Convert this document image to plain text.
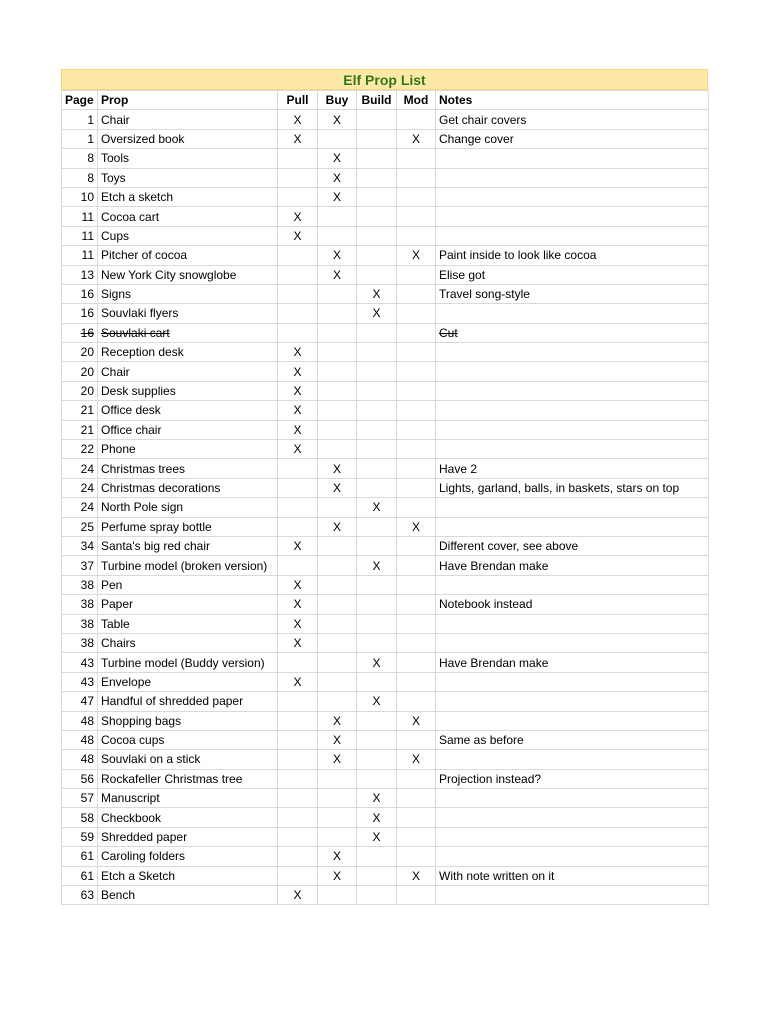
Elf Prop List
Page	Prop	Pull	Buy	Build	Mod	Notes
1	Chair	X	X			Get chair covers
1	Oversized book	X			X	Change cover
8	Tools		X			
8	Toys		X			
10	Etch a sketch		X			
11	Cocoa cart	X				
11	Cups	X				
11	Pitcher of cocoa		X		X	Paint inside to look like cocoa
13	New York City snowglobe		X			Elise got
16	Signs			X		Travel song-style
16	Souvlaki flyers			X		
16	Souvlaki cart					Cut
20	Reception desk	X				
20	Chair	X				
20	Desk supplies	X				
21	Office desk	X				
21	Office chair	X				
22	Phone	X				
24	Christmas trees		X			Have 2
24	Christmas decorations		X			Lights, garland, balls, in baskets, stars on top
24	North Pole sign			X		
25	Perfume spray bottle		X		X	
34	Santa's big red chair	X				Different cover, see above
37	Turbine model (broken version)			X		Have Brendan make
38	Pen	X				
38	Paper	X				Notebook instead
38	Table	X				
38	Chairs	X				
43	Turbine model (Buddy version)			X		Have Brendan make
43	Envelope	X				
47	Handful of shredded paper			X		
48	Shopping bags		X		X	
48	Cocoa cups		X			Same as before
48	Souvlaki on a stick		X		X	
56	Rockafeller Christmas tree					Projection instead?
57	Manuscript			X		
58	Checkbook			X		
59	Shredded paper			X		
61	Caroling folders		X			
61	Etch a Sketch		X		X	With note written on it
63	Bench	X				
